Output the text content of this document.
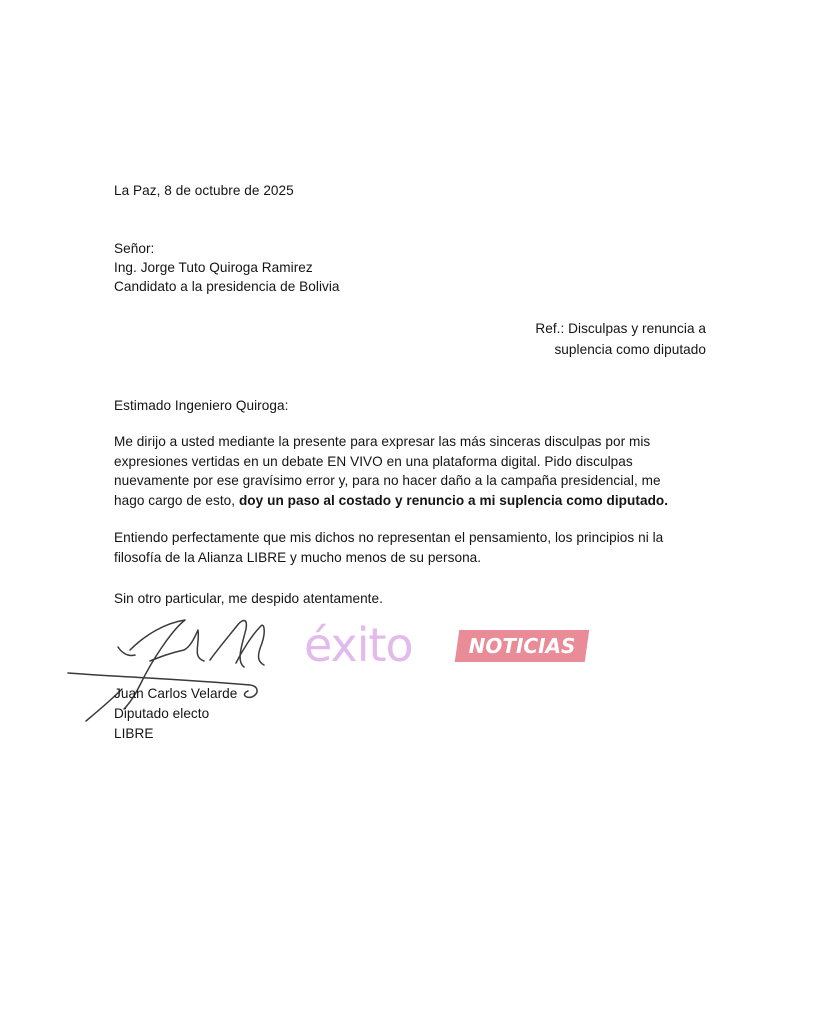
La Paz, 8 de octubre de 2025
Señor:
Ing. Jorge Tuto Quiroga Ramirez
Candidato a la presidencia de Bolivia
Ref.: Disculpas y renuncia a
suplencia como diputado
Estimado Ingeniero Quiroga:
Me dirijo a usted mediante la presente para expresar las más sinceras disculpas por mis
expresiones vertidas en un debate EN VIVO en una plataforma digital. Pido disculpas
nuevamente por ese gravísimo error y, para no hacer daño a la campaña presidencial, me
hago cargo de esto, doy un paso al costado y renuncio a mi suplencia como diputado.
Entiendo perfectamente que mis dichos no representan el pensamiento, los principios ni la
filosofía de la Alianza LIBRE y mucho menos de su persona.
Sin otro particular, me despido atentamente.
Juan Carlos Velarde
Diputado electo
LIBRE
éxito	NOTICIAS
